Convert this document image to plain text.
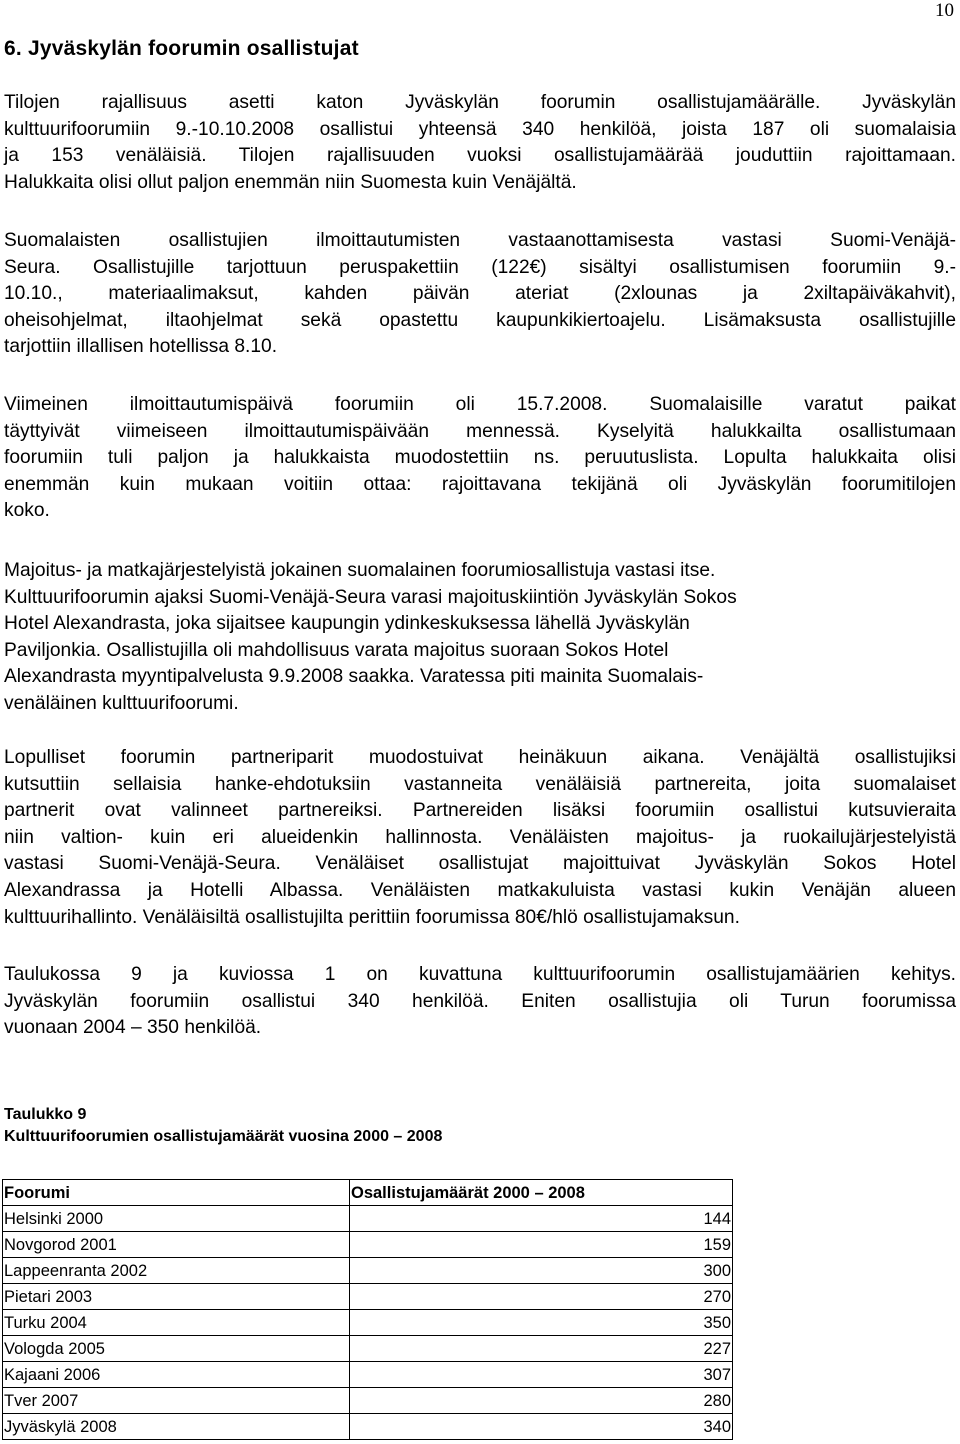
10
6. Jyväskylän foorumin osallistujat

Tilojen rajallisuus asetti katon Jyväskylän foorumin osallistujamäärälle. Jyväskylän
kulttuurifoorumiin 9.-10.10.2008 osallistui yhteensä 340 henkilöä, joista 187 oli suomalaisia
ja 153 venäläisiä. Tilojen rajallisuuden vuoksi osallistujamäärää jouduttiin rajoittamaan.
Halukkaita olisi ollut paljon enemmän niin Suomesta kuin Venäjältä.

Suomalaisten osallistujien ilmoittautumisten vastaanottamisesta vastasi Suomi-Venäjä-
Seura. Osallistujille tarjottuun peruspakettiin (122€) sisältyi osallistumisen foorumiin 9.-
10.10., materiaalimaksut, kahden päivän ateriat (2xlounas ja 2xiltapäiväkahvit),
oheisohjelmat, iltaohjelmat sekä opastettu kaupunkikiertoajelu. Lisämaksusta osallistujille
tarjottiin illallisen hotellissa 8.10.

Viimeinen ilmoittautumispäivä foorumiin oli 15.7.2008. Suomalaisille varatut paikat
täyttyivät viimeiseen ilmoittautumispäivään mennessä. Kyselyitä halukkailta osallistumaan
foorumiin tuli paljon ja halukkaista muodostettiin ns. peruutuslista. Lopulta halukkaita olisi
enemmän kuin mukaan voitiin ottaa: rajoittavana tekijänä oli Jyväskylän foorumitilojen
koko.

Majoitus- ja matkajärjestelyistä jokainen suomalainen foorumiosallistuja vastasi itse.
Kulttuurifoorumin ajaksi Suomi-Venäjä-Seura varasi majoituskiintiön Jyväskylän Sokos
Hotel Alexandrasta, joka sijaitsee kaupungin ydinkeskuksessa lähellä Jyväskylän
Paviljonkia. Osallistujilla oli mahdollisuus varata majoitus suoraan Sokos Hotel
Alexandrasta myyntipalvelusta 9.9.2008 saakka. Varatessa piti mainita Suomalais-
venäläinen kulttuurifoorumi.

Lopulliset foorumin partneriparit muodostuivat heinäkuun aikana. Venäjältä osallistujiksi
kutsuttiin sellaisia hanke-ehdotuksiin vastanneita venäläisiä partnereita, joita suomalaiset
partnerit ovat valinneet partnereiksi. Partnereiden lisäksi foorumiin osallistui kutsuvieraita
niin valtion- kuin eri alueidenkin hallinnosta. Venäläisten majoitus- ja ruokailujärjestelyistä
vastasi Suomi-Venäjä-Seura. Venäläiset osallistujat majoittuivat Jyväskylän Sokos Hotel
Alexandrassa ja Hotelli Albassa. Venäläisten matkakuluista vastasi kukin Venäjän alueen
kulttuurihallinto. Venäläisiltä osallistujilta perittiin foorumissa 80€/hlö osallistujamaksun.

Taulukossa 9 ja kuviossa 1 on kuvattuna kulttuurifoorumin osallistujamäärien kehitys.
Jyväskylän foorumiin osallistui 340 henkilöä. Eniten osallistujia oli Turun foorumissa
vuonaan 2004 – 350 henkilöä.

Taulukko 9

Kulttuurifoorumien osallistujamäärät vuosina 2000 – 2008

Foorumi	Osallistujamäärät 2000 – 2008
Helsinki 2000	144
Novgorod 2001	159
Lappeenranta 2002	300
Pietari 2003	270
Turku 2004	350
Vologda 2005	227
Kajaani 2006	307
Tver 2007	280
Jyväskylä 2008	340
